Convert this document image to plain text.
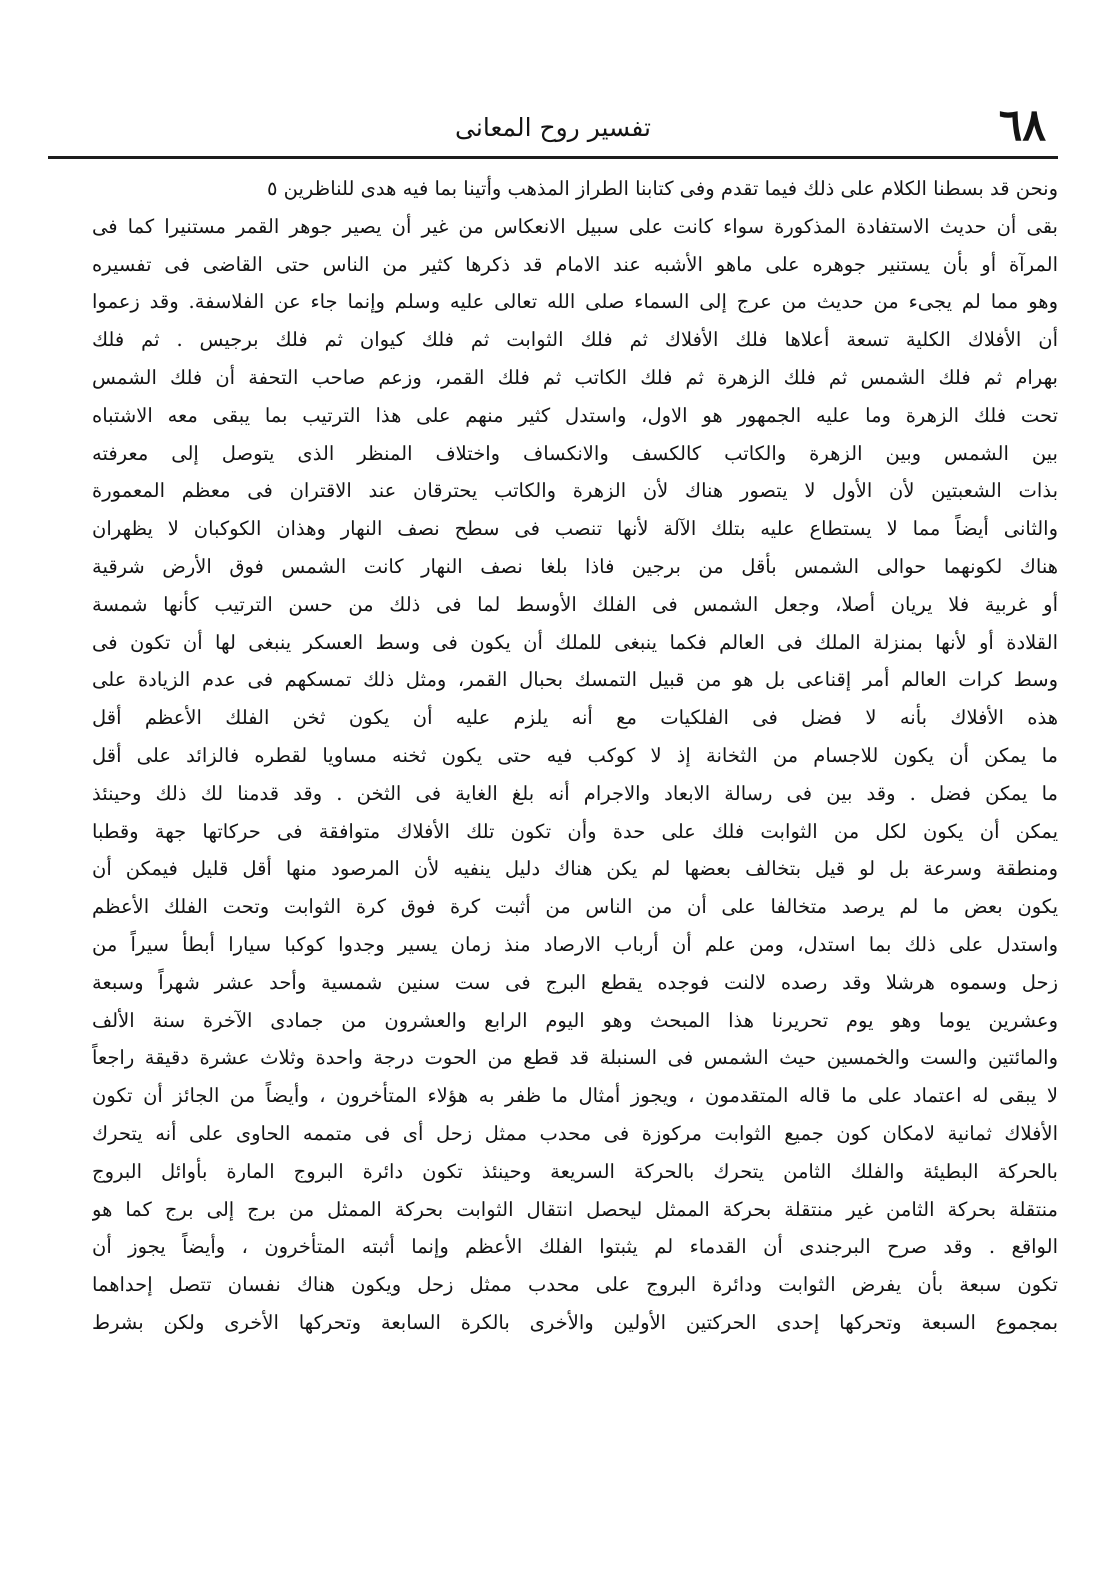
٦٨
تفسير روح المعانى
ونحن قد بسطنا الكلام على ذلك فيما تقدم وفى كتابنا الطراز المذهب وأتينا بما فيه هدى للناظرين ٥
بقى أن حديث الاستفادة المذكورة سواء كانت على سبيل الانعكاس من غير أن يصير جوهر القمر مستنيرا كما فى
المرآة أو بأن يستنير جوهره على ماهو الأشبه عند الامام قد ذكرها كثير من الناس حتى القاضى فى تفسيره
وهو مما لم يجىء من حديث من عرج إلى السماء صلى الله تعالى عليه وسلم وإنما جاء عن الفلاسفة. وقد زعموا
أن الأفلاك الكلية تسعة أعلاها فلك الأفلاك ثم فلك الثوابت ثم فلك كيوان ثم فلك برجيس . ثم فلك
بهرام ثم فلك الشمس ثم فلك الزهرة ثم فلك الكاتب ثم فلك القمر، وزعم صاحب التحفة أن فلك الشمس
تحت فلك الزهرة وما عليه الجمهور هو الاول، واستدل كثير منهم على هذا الترتيب بما يبقى معه الاشتباه
بين الشمس وبين الزهرة والكاتب كالكسف والانكساف واختلاف المنظر الذى يتوصل إلى معرفته
بذات الشعبتين لأن الأول لا يتصور هناك لأن الزهرة والكاتب يحترقان عند الاقتران فى معظم المعمورة
والثانى أيضاً مما لا يستطاع عليه بتلك الآلة لأنها تنصب فى سطح نصف النهار وهذان الكوكبان لا يظهران
هناك لكونهما حوالى الشمس بأقل من برجين فاذا بلغا نصف النهار كانت الشمس فوق الأرض شرقية
أو غربية فلا يريان أصلا، وجعل الشمس فى الفلك الأوسط لما فى ذلك من حسن الترتيب كأنها شمسة
القلادة أو لأنها بمنزلة الملك فى العالم فكما ينبغى للملك أن يكون فى وسط العسكر ينبغى لها أن تكون فى
وسط كرات العالم أمر إقناعى بل هو من قبيل التمسك بحبال القمر، ومثل ذلك تمسكهم فى عدم الزيادة على
هذه الأفلاك بأنه لا فضل فى الفلكيات مع أنه يلزم عليه أن يكون ثخن الفلك الأعظم أقل
ما يمكن أن يكون للاجسام من الثخانة إذ لا كوكب فيه حتى يكون ثخنه مساويا لقطره فالزائد على أقل
ما يمكن فضل . وقد بين فى رسالة الابعاد والاجرام أنه بلغ الغاية فى الثخن . وقد قدمنا لك ذلك وحينئذ
يمكن أن يكون لكل من الثوابت فلك على حدة وأن تكون تلك الأفلاك متوافقة فى حركاتها جهة وقطبا
ومنطقة وسرعة بل لو قيل بتخالف بعضها لم يكن هناك دليل ينفيه لأن المرصود منها أقل قليل فيمكن أن
يكون بعض ما لم يرصد متخالفا على أن من الناس من أثبت كرة فوق كرة الثوابت وتحت الفلك الأعظم
واستدل على ذلك بما استدل، ومن علم أن أرباب الارصاد منذ زمان يسير وجدوا كوكبا سيارا أبطأ سيراً من
زحل وسموه هرشلا وقد رصده لالنت فوجده يقطع البرج فى ست سنين شمسية وأحد عشر شهراً وسبعة
وعشرين يوما وهو يوم تحريرنا هذا المبحث وهو اليوم الرابع والعشرون من جمادى الآخرة سنة الألف
والمائتين والست والخمسين حيث الشمس فى السنبلة قد قطع من الحوت درجة واحدة وثلاث عشرة دقيقة راجعاً
لا يبقى له اعتماد على ما قاله المتقدمون ، ويجوز أمثال ما ظفر به هؤلاء المتأخرون ، وأيضاً من الجائز أن تكون
الأفلاك ثمانية لامكان كون جميع الثوابت مركوزة فى محدب ممثل زحل أى فى متممه الحاوى على أنه يتحرك
بالحركة البطيئة والفلك الثامن يتحرك بالحركة السريعة وحينئذ تكون دائرة البروج المارة بأوائل البروج
منتقلة بحركة الثامن غير منتقلة بحركة الممثل ليحصل انتقال الثوابت بحركة الممثل من برج إلى برج كما هو
الواقع . وقد صرح البرجندى أن القدماء لم يثبتوا الفلك الأعظم وإنما أثبته المتأخرون ، وأيضاً يجوز أن
تكون سبعة بأن يفرض الثوابت ودائرة البروج على محدب ممثل زحل ويكون هناك نفسان تتصل إحداهما
بمجموع السبعة وتحركها إحدى الحركتين الأولين والأخرى بالكرة السابعة وتحركها الأخرى ولكن بشرط
